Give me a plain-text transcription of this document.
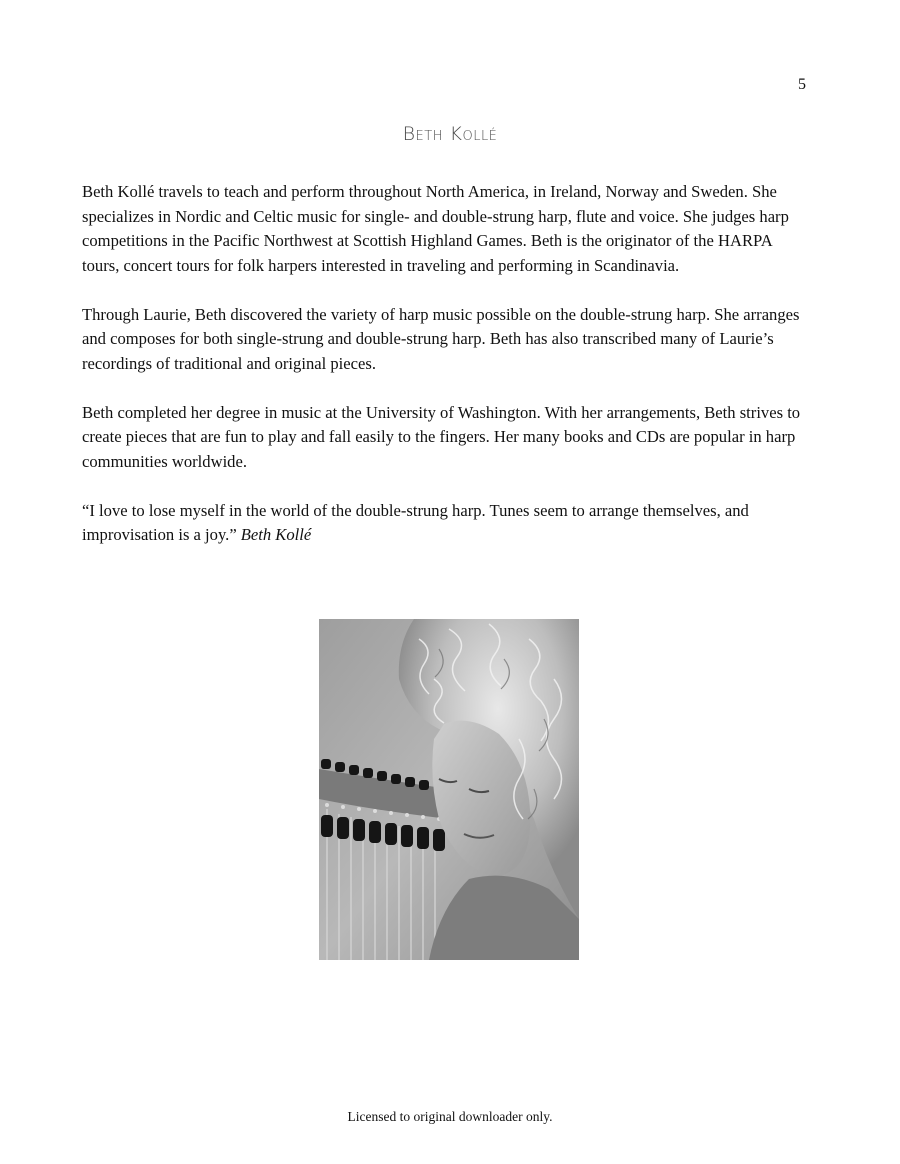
5
Beth Kollé

Beth Kollé travels to teach and perform throughout North America, in Ireland, Norway and Sweden. She specializes in Nordic and Celtic music for single- and double-strung harp, flute and voice. She judges harp competitions in the Pacific Northwest at Scottish Highland Games. Beth is the originator of the HARPA tours, concert tours for folk harpers interested in traveling and performing in Scandinavia.

Through Laurie, Beth discovered the variety of harp music possible on the double-strung harp. She arranges and composes for both single-strung and double-strung harp. Beth has also transcribed many of Laurie’s recordings of traditional and original pieces.

Beth completed her degree in music at the University of Washington. With her arrangements, Beth strives to create pieces that are fun to play and fall easily to the fingers. Her many books and CDs are popular in harp communities worldwide.

“I love to lose myself in the world of the double-strung harp. Tunes seem to arrange themselves, and improvisation is a joy.” Beth Kollé

Licensed to original downloader only.
